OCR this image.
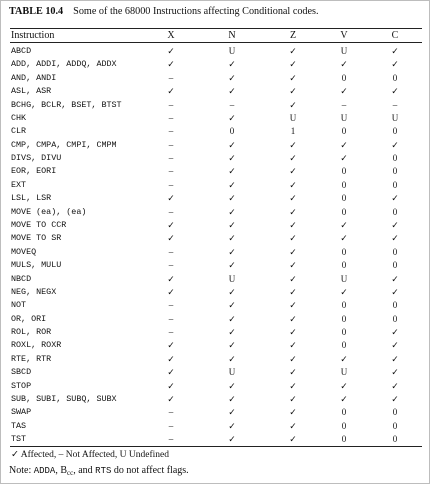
TABLE 10.4 Some of the 68000 Instructions affecting Conditional codes.
Instruction	X	N	Z	V	C
ABCD	✓	U	✓	U	✓
ADD, ADDI, ADDQ, ADDX	✓	✓	✓	✓	✓
AND, ANDI	–	✓	✓	0	0
ASL, ASR	✓	✓	✓	✓	✓
BCHG, BCLR, BSET, BTST	–	–	✓	–	–
CHK	–	✓	U	U	U
CLR	–	0	1	0	0
CMP, CMPA, CMPI, CMPM	–	✓	✓	✓	✓
DIVS, DIVU	–	✓	✓	✓	0
EOR, EORI	–	✓	✓	0	0
EXT	–	✓	✓	0	0
LSL, LSR	✓	✓	✓	0	✓
MOVE (ea), (ea)	–	✓	✓	0	0
MOVE TO CCR	✓	✓	✓	✓	✓
MOVE TO SR	✓	✓	✓	✓	✓
MOVEQ	–	✓	✓	0	0
MULS, MULU	–	✓	✓	0	0
NBCD	✓	U	✓	U	✓
NEG, NEGX	✓	✓	✓	✓	✓
NOT	–	✓	✓	0	0
OR, ORI	–	✓	✓	0	0
ROL, ROR	–	✓	✓	0	✓
ROXL, ROXR	✓	✓	✓	0	✓
RTE, RTR	✓	✓	✓	✓	✓
SBCD	✓	U	✓	U	✓
STOP	✓	✓	✓	✓	✓
SUB, SUBI, SUBQ, SUBX	✓	✓	✓	✓	✓
SWAP	–	✓	✓	0	0
TAS	–	✓	✓	0	0
TST	–	✓	✓	0	0
✓ Affected, – Not Affected, U Undefined
Note: ADDA, $B_{cc}$, and RTS do not affect flags.
